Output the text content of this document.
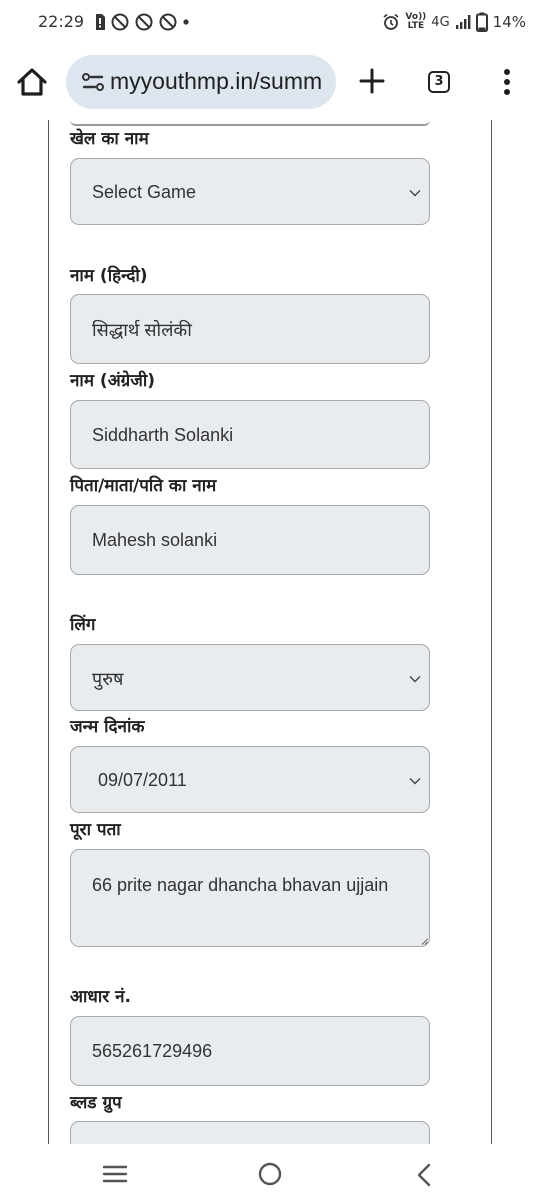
22:29	Vo))
LTE 4G	14%
myyouthmp.in/summ	3
खेल का नाम
Select Game
नाम (हिन्दी)
सिद्धार्थ सोलंकी
नाम (अंग्रेजी)
Siddharth Solanki
पिता/माता/पति का नाम
Mahesh solanki
लिंग
पुरुष
जन्म दिनांक
09/07/2011
पूरा पता
66 prite nagar dhancha bhavan ujjain
आधार नं.
565261729496
ब्लड ग्रुप
